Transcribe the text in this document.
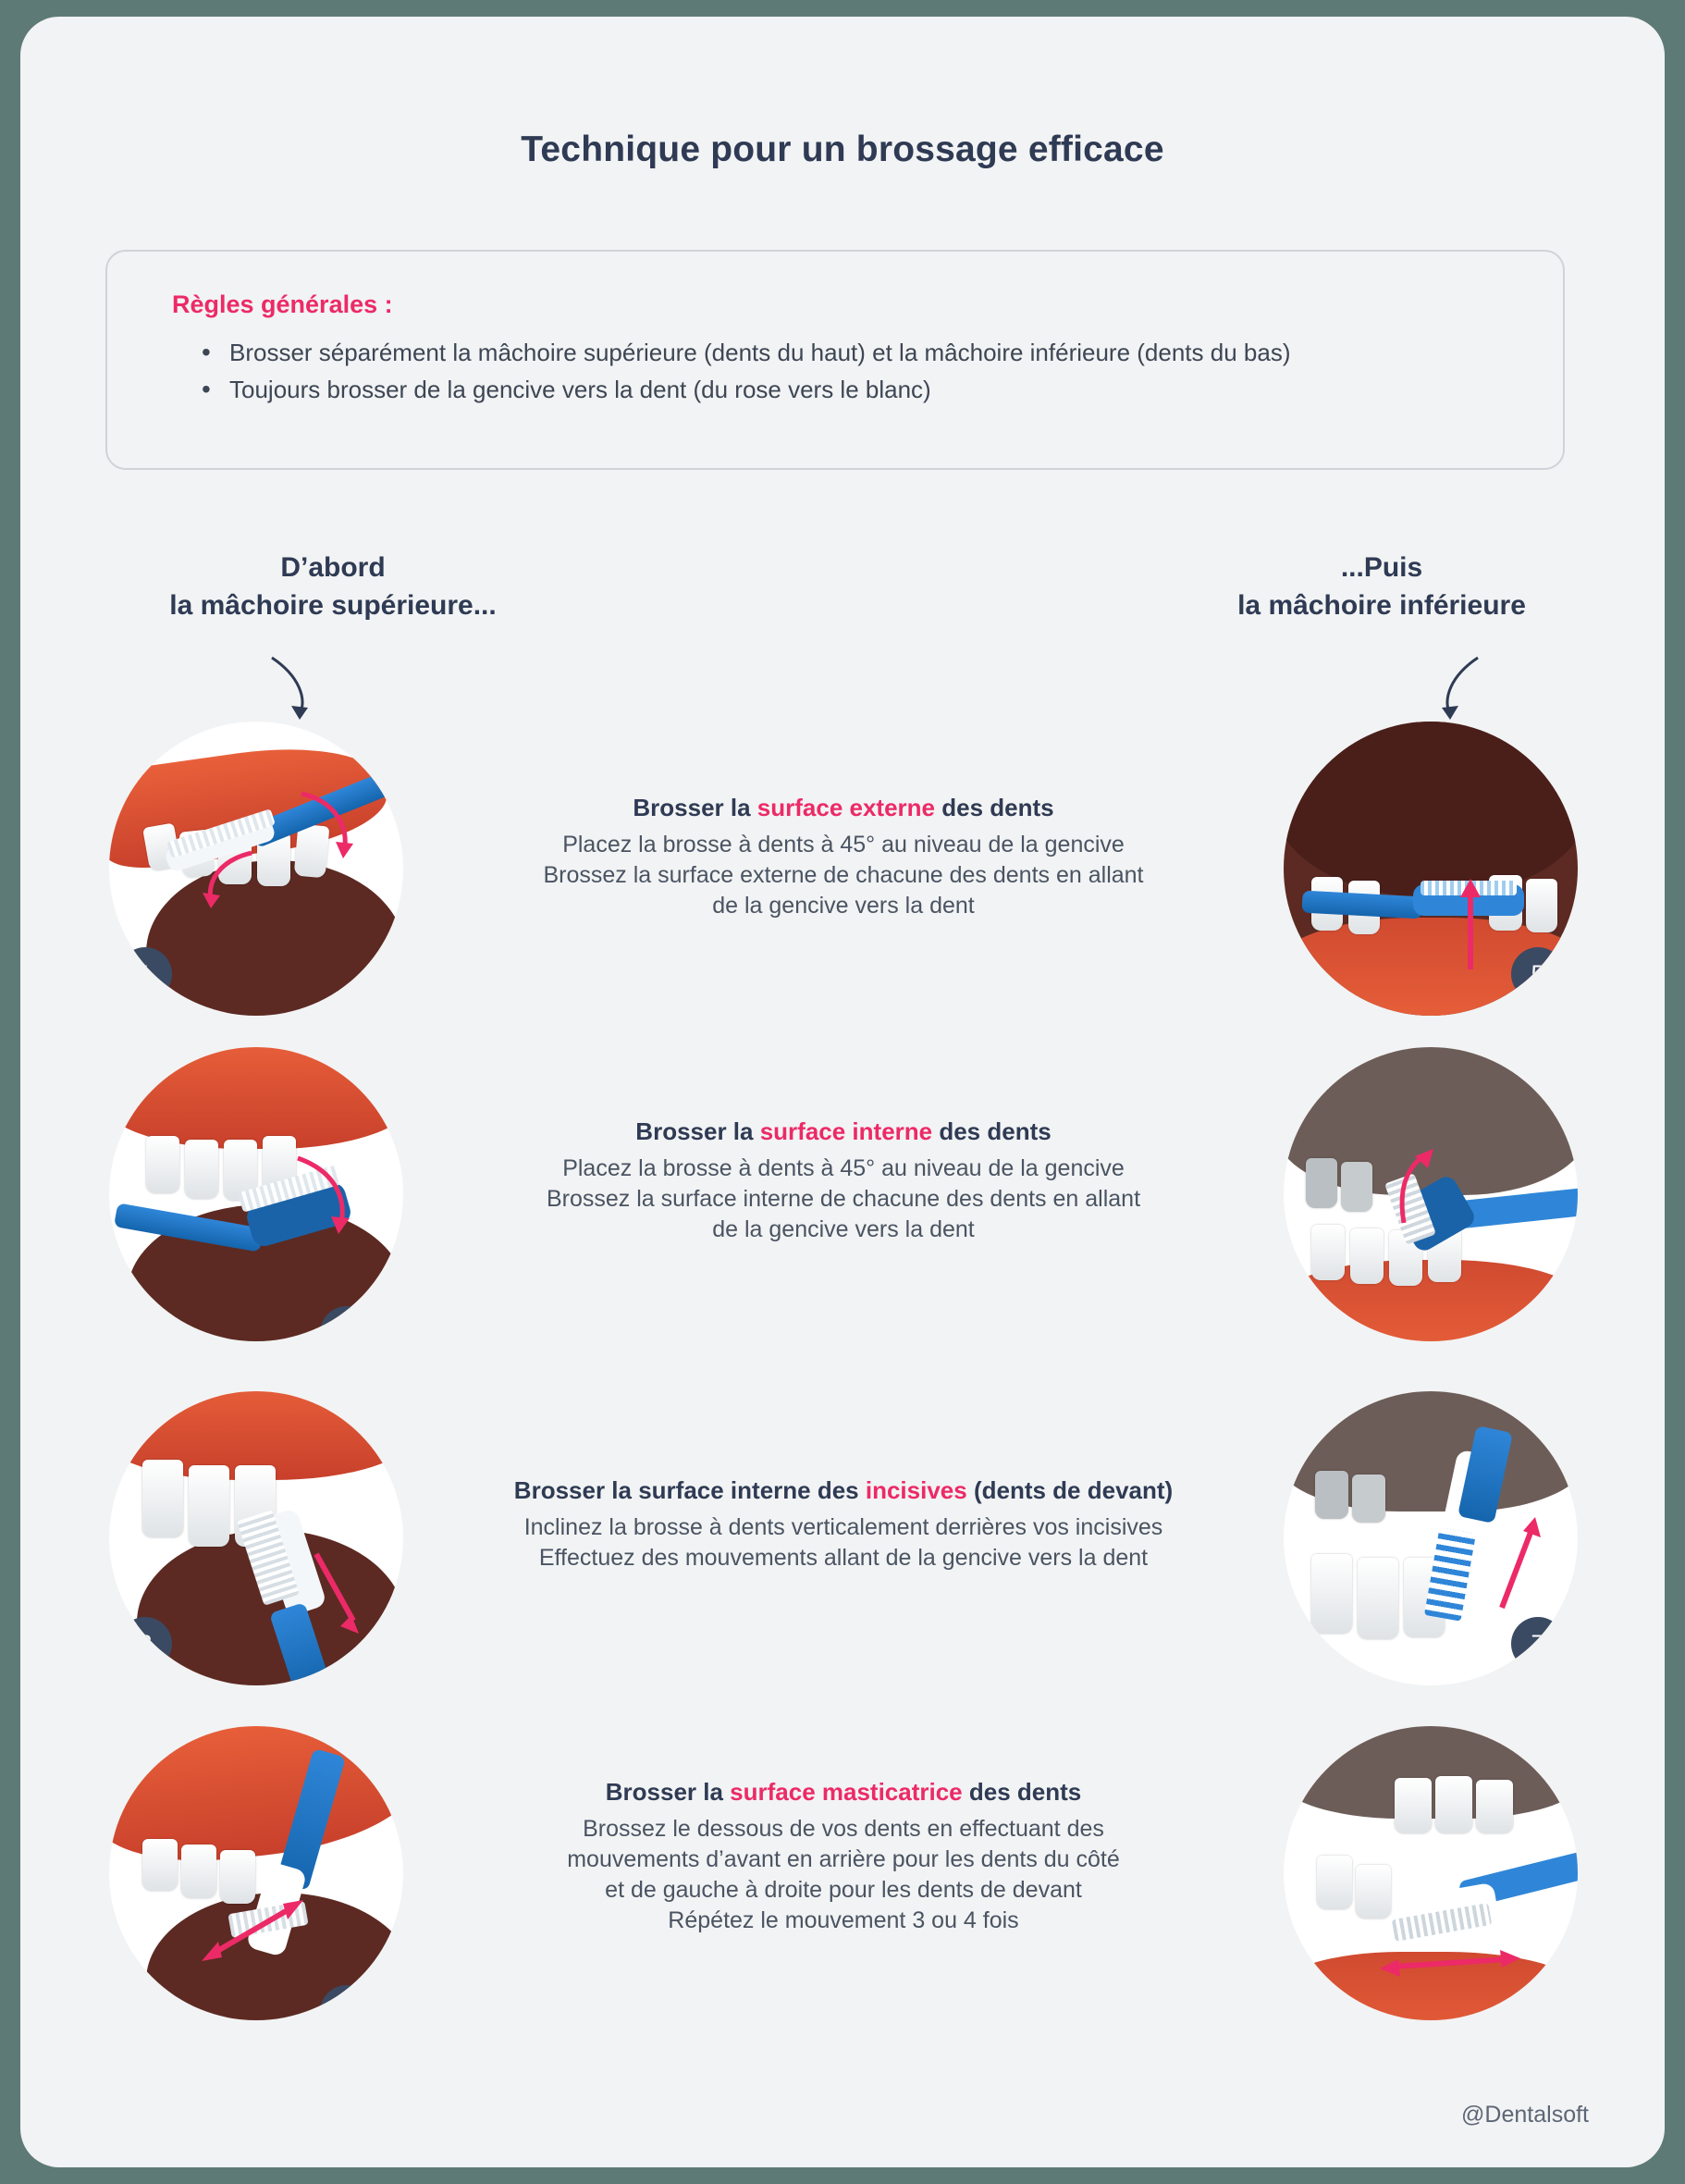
Technique pour un brossage efficace
Règles générales :
• Brosser séparément la mâchoire supérieure (dents du haut) et la mâchoire inférieure (dents du bas)
• Toujours brosser de la gencive vers la dent (du rose vers le blanc)
D’abord
la mâchoire supérieure...
...Puis
la mâchoire inférieure
1
Brosser la surface externe des dents
Placez la brosse à dents à 45° au niveau de la gencive
Brossez la surface externe de chacune des dents en allant
de la gencive vers la dent
5
2
Brosser la surface interne des dents
Placez la brosse à dents à 45° au niveau de la gencive
Brossez la surface interne de chacune des dents en allant
de la gencive vers la dent
6
3
Brosser la surface interne des incisives (dents de devant)
Inclinez la brosse à dents verticalement derrières vos incisives
Effectuez des mouvements allant de la gencive vers la dent
7
4
Brosser la surface masticatrice des dents
Brossez le dessous de vos dents en effectuant des
mouvements d’avant en arrière pour les dents du côté
et de gauche à droite pour les dents de devant
Répétez le mouvement 3 ou 4 fois
8
@Dentalsoft
